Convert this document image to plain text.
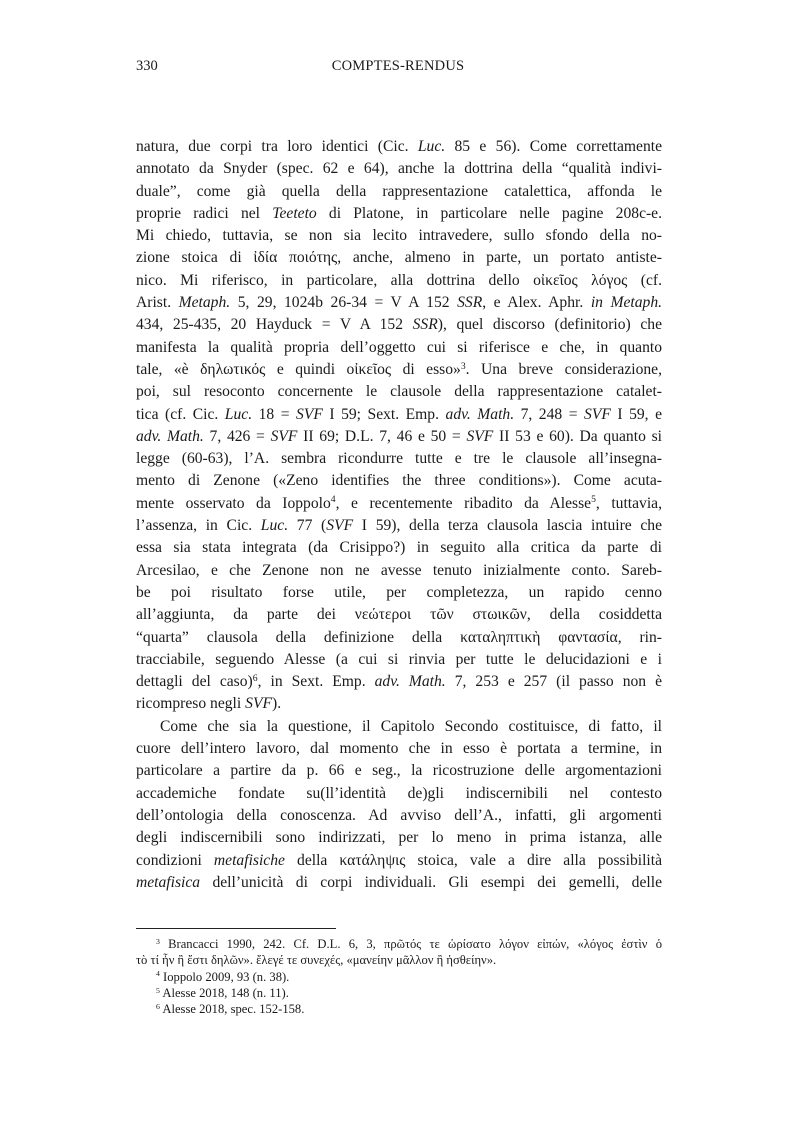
330	COMPTES-RENDUS
natura, due corpi tra loro identici (Cic. Luc. 85 e 56). Come correttamente
annotato da Snyder (spec. 62 e 64), anche la dottrina della “qualità indivi-
duale”, come già quella della rappresentazione catalettica, affonda le
proprie radici nel Teeteto di Platone, in particolare nelle pagine 208c-e.
Mi chiedo, tuttavia, se non sia lecito intravedere, sullo sfondo della no-
zione stoica di ἰδία ποιότης, anche, almeno in parte, un portato antiste-
nico. Mi riferisco, in particolare, alla dottrina dello οἰκεῖος λόγος (cf.
Arist. Metaph. 5, 29, 1024b 26-34 = V A 152 SSR, e Alex. Aphr. in Metaph.
434, 25-435, 20 Hayduck = V A 152 SSR), quel discorso (definitorio) che
manifesta la qualità propria dell’oggetto cui si riferisce e che, in quanto
tale, «è δηλωτικός e quindi οἰκεῖος di esso»$^3$. Una breve considerazione,
poi, sul resoconto concernente le clausole della rappresentazione catalet-
tica (cf. Cic. Luc. 18 = SVF I 59; Sext. Emp. adv. Math. 7, 248 = SVF I 59, e
adv. Math. 7, 426 = SVF II 69; D.L. 7, 46 e 50 = SVF II 53 e 60). Da quanto si
legge (60-63), l’A. sembra ricondurre tutte e tre le clausole all’insegna-
mento di Zenone («Zeno identifies the three conditions»). Come acuta-
mente osservato da Ioppolo$^4$, e recentemente ribadito da Alesse$^5$, tuttavia,
l’assenza, in Cic. Luc. 77 (SVF I 59), della terza clausola lascia intuire che
essa sia stata integrata (da Crisippo?) in seguito alla critica da parte di
Arcesilao, e che Zenone non ne avesse tenuto inizialmente conto. Sareb-
be poi risultato forse utile, per completezza, un rapido cenno
all’aggiunta, da parte dei νεώτεροι τῶν στωικῶν, della cosiddetta
“quarta” clausola della definizione della καταληπτικὴ φαντασία, rin-
tracciabile, seguendo Alesse (a cui si rinvia per tutte le delucidazioni e i
dettagli del caso)$^6$, in Sext. Emp. adv. Math. 7, 253 e 257 (il passo non è
ricompreso negli SVF).
Come che sia la questione, il Capitolo Secondo costituisce, di fatto, il
cuore dell’intero lavoro, dal momento che in esso è portata a termine, in
particolare a partire da p. 66 e seg., la ricostruzione delle argomentazioni
accademiche fondate su(ll’identità de)gli indiscernibili nel contesto
dell’ontologia della conoscenza. Ad avviso dell’A., infatti, gli argomenti
degli indiscernibili sono indirizzati, per lo meno in prima istanza, alle
condizioni metafisiche della κατάληψις stoica, vale a dire alla possibilità
metafisica dell’unicità di corpi individuali. Gli esempi dei gemelli, delle
$^3$ Brancacci 1990, 242. Cf. D.L. 6, 3, πρῶτός τε ὡρίσατο λόγον εἰπών, «λόγος ἐστὶν ὁ
τὸ τί ἦν ἢ ἔστι δηλῶν». ἔλεγέ τε συνεχές, «μανείην μᾶλλον ἢ ἡσθείην».
$^4$ Ioppolo 2009, 93 (n. 38).
$^5$ Alesse 2018, 148 (n. 11).
$^6$ Alesse 2018, spec. 152-158.
